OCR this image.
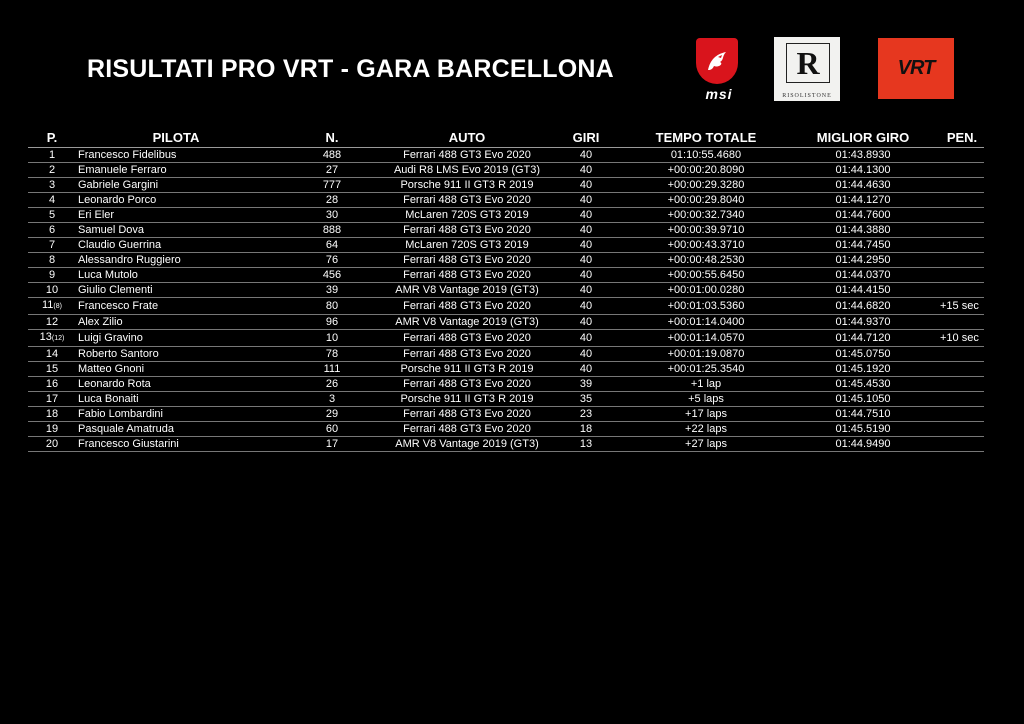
RISULTATI PRO VRT - GARA BARCELLONA
msi
R
RISOLISTONE
VRT
P.	PILOTA	N.	AUTO	GIRI	TEMPO TOTALE	MIGLIOR GIRO	PEN.
1	Francesco Fidelibus	488	Ferrari 488 GT3 Evo 2020	40	01:10:55.4680	01:43.8930	
2	Emanuele Ferraro	27	Audi R8 LMS Evo 2019 (GT3)	40	+00:00:20.8090	01:44.1300	
3	Gabriele Gargini	777	Porsche 911 II GT3 R 2019	40	+00:00:29.3280	01:44.4630	
4	Leonardo Porco	28	Ferrari 488 GT3 Evo 2020	40	+00:00:29.8040	01:44.1270	
5	Eri Eler	30	McLaren 720S GT3 2019	40	+00:00:32.7340	01:44.7600	
6	Samuel Dova	888	Ferrari 488 GT3 Evo 2020	40	+00:00:39.9710	01:44.3880	
7	Claudio Guerrina	64	McLaren 720S GT3 2019	40	+00:00:43.3710	01:44.7450	
8	Alessandro Ruggiero	76	Ferrari 488 GT3 Evo 2020	40	+00:00:48.2530	01:44.2950	
9	Luca Mutolo	456	Ferrari 488 GT3 Evo 2020	40	+00:00:55.6450	01:44.0370	
10	Giulio Clementi	39	AMR V8 Vantage 2019 (GT3)	40	+00:01:00.0280	01:44.4150	
11(8)	Francesco Frate	80	Ferrari 488 GT3 Evo 2020	40	+00:01:03.5360	01:44.6820	+15 sec
12	Alex Zilio	96	AMR V8 Vantage 2019 (GT3)	40	+00:01:14.0400	01:44.9370	
13(12)	Luigi Gravino	10	Ferrari 488 GT3 Evo 2020	40	+00:01:14.0570	01:44.7120	+10 sec
14	Roberto Santoro	78	Ferrari 488 GT3 Evo 2020	40	+00:01:19.0870	01:45.0750	
15	Matteo Gnoni	111	Porsche 911 II GT3 R 2019	40	+00:01:25.3540	01:45.1920	
16	Leonardo Rota	26	Ferrari 488 GT3 Evo 2020	39	+1 lap	01:45.4530	
17	Luca Bonaiti	3	Porsche 911 II GT3 R 2019	35	+5 laps	01:45.1050	
18	Fabio Lombardini	29	Ferrari 488 GT3 Evo 2020	23	+17 laps	01:44.7510	
19	Pasquale Amatruda	60	Ferrari 488 GT3 Evo 2020	18	+22 laps	01:45.5190	
20	Francesco Giustarini	17	AMR V8 Vantage 2019 (GT3)	13	+27 laps	01:44.9490	
